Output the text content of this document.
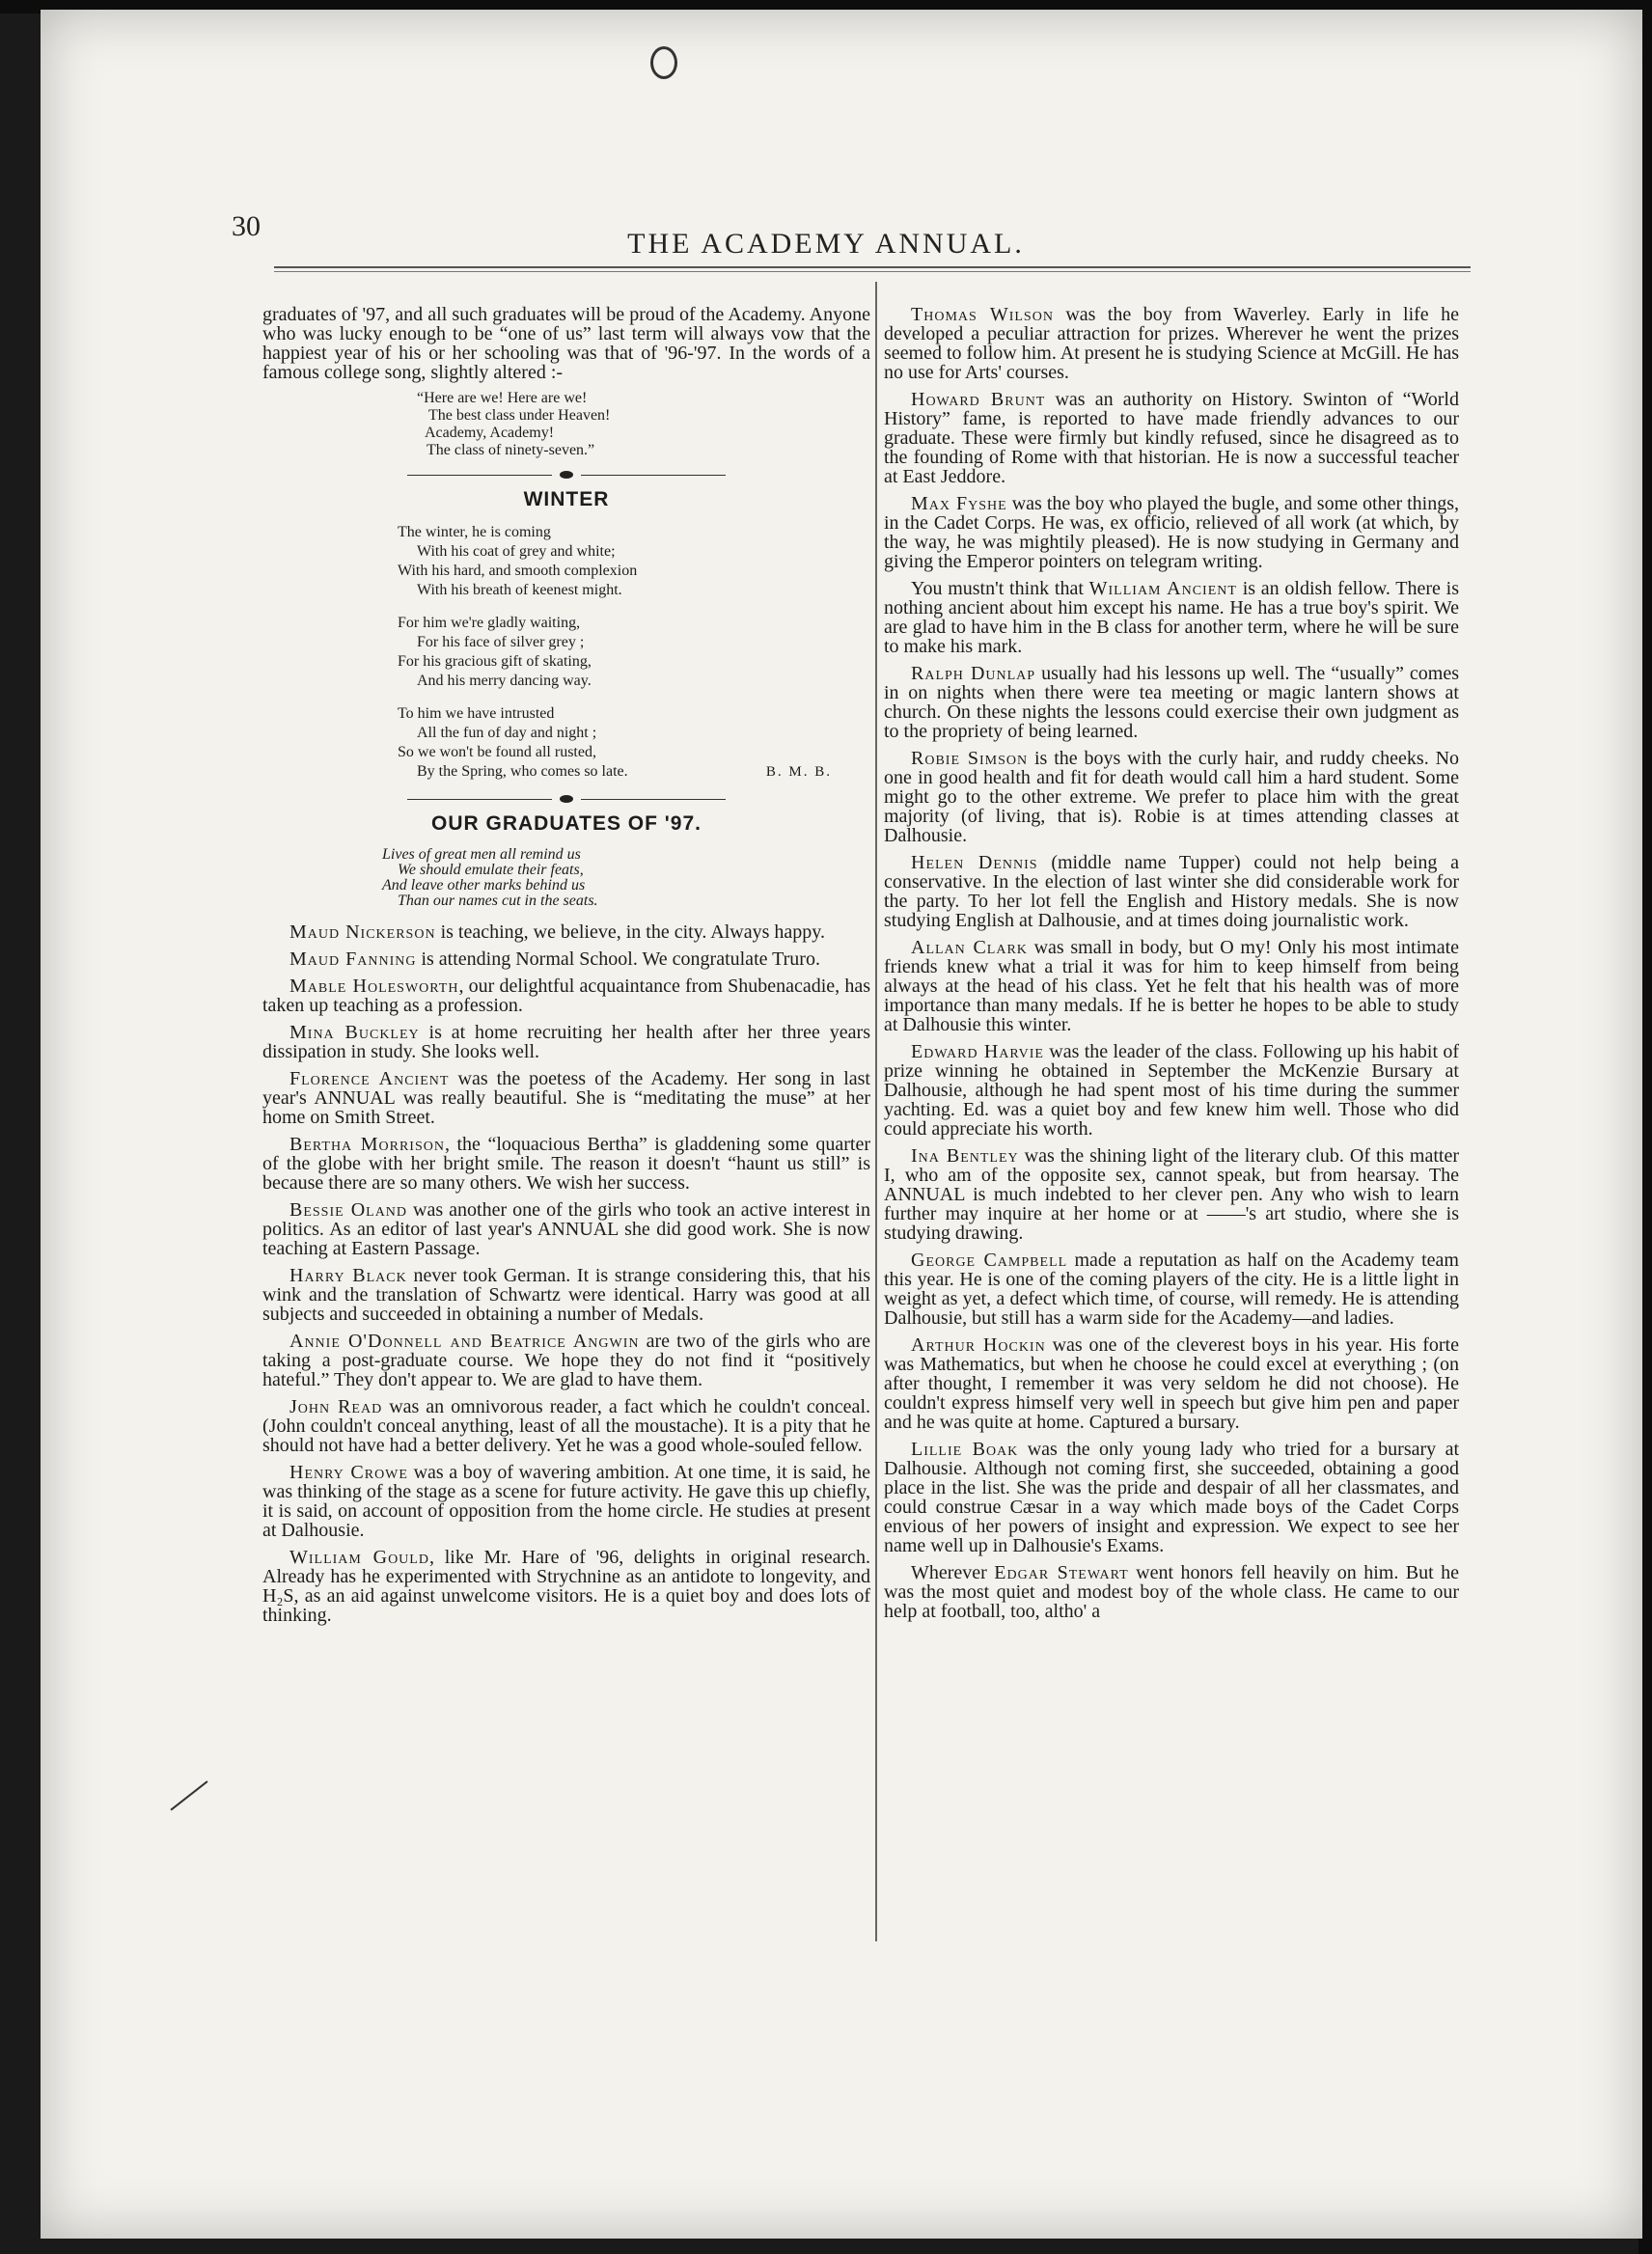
30
THE ACADEMY ANNUAL.

graduates of '97, and all such graduates will be proud of the Academy. Anyone who was lucky enough to be “one of us” last term will always vow that the happiest year of his or her schooling was that of '96-'97. In the words of a famous college song, slightly altered :-

“Here are we! Here are we!
The best class under Heaven!
Academy, Academy!
The class of ninety-seven.”
WINTER
The winter, he is coming
With his coat of grey and white;
With his hard, and smooth complexion
With his breath of keenest might.
For him we're gladly waiting,
For his face of silver grey ;
For his gracious gift of skating,
And his merry dancing way.
To him we have intrusted
All the fun of day and night ;
So we won't be found all rusted,
By the Spring, who comes so late.	B. M. B.
OUR GRADUATES OF '97.
Lives of great men all remind us
We should emulate their feats,
And leave other marks behind us
Than our names cut in the seats.

Maud Nickerson is teaching, we believe, in the city. Always happy.

Maud Fanning is attending Normal School. We congratulate Truro.

Mable Holesworth, our delightful acquaintance from Shubenacadie, has taken up teaching as a profession.

Mina Buckley is at home recruiting her health after her three years dissipation in study. She looks well.

Florence Ancient was the poetess of the Academy. Her song in last year's ANNUAL was really beautiful. She is “meditating the muse” at her home on Smith Street.

Bertha Morrison, the “loquacious Bertha” is gladdening some quarter of the globe with her bright smile. The reason it doesn't “haunt us still” is because there are so many others. We wish her success.

Bessie Oland was another one of the girls who took an active interest in politics. As an editor of last year's ANNUAL she did good work. She is now teaching at Eastern Passage.

Harry Black never took German. It is strange considering this, that his wink and the translation of Schwartz were identical. Harry was good at all subjects and succeeded in obtaining a number of Medals.

Annie O'Donnell and Beatrice Angwin are two of the girls who are taking a post-graduate course. We hope they do not find it “positively hateful.” They don't appear to. We are glad to have them.

John Read was an omnivorous reader, a fact which he couldn't conceal. (John couldn't conceal anything, least of all the moustache). It is a pity that he should not have had a better delivery. Yet he was a good whole-souled fellow.

Henry Crowe was a boy of wavering ambition. At one time, it is said, he was thinking of the stage as a scene for future activity. He gave this up chiefly, it is said, on account of opposition from the home circle. He studies at present at Dalhousie.

William Gould, like Mr. Hare of '96, delights in original research. Already has he experimented with Strychnine as an antidote to longevity, and H₂S, as an aid against unwelcome visitors. He is a quiet boy and does lots of thinking.

Thomas Wilson was the boy from Waverley. Early in life he developed a peculiar attraction for prizes. Wherever he went the prizes seemed to follow him. At present he is studying Science at McGill. He has no use for Arts' courses.

Howard Brunt was an authority on History. Swinton of “World History” fame, is reported to have made friendly advances to our graduate. These were firmly but kindly refused, since he disagreed as to the founding of Rome with that historian. He is now a successful teacher at East Jeddore.

Max Fyshe was the boy who played the bugle, and some other things, in the Cadet Corps. He was, ex officio, relieved of all work (at which, by the way, he was mightily pleased). He is now studying in Germany and giving the Emperor pointers on telegram writing.

You mustn't think that William Ancient is an oldish fellow. There is nothing ancient about him except his name. He has a true boy's spirit. We are glad to have him in the B class for another term, where he will be sure to make his mark.

Ralph Dunlap usually had his lessons up well. The “usually” comes in on nights when there were tea meeting or magic lantern shows at church. On these nights the lessons could exercise their own judgment as to the propriety of being learned.

Robie Simson is the boys with the curly hair, and ruddy cheeks. No one in good health and fit for death would call him a hard student. Some might go to the other extreme. We prefer to place him with the great majority (of living, that is). Robie is at times attending classes at Dalhousie.

Helen Dennis (middle name Tupper) could not help being a conservative. In the election of last winter she did considerable work for the party. To her lot fell the English and History medals. She is now studying English at Dalhousie, and at times doing journalistic work.

Allan Clark was small in body, but O my! Only his most intimate friends knew what a trial it was for him to keep himself from being always at the head of his class. Yet he felt that his health was of more importance than many medals. If he is better he hopes to be able to study at Dalhousie this winter.

Edward Harvie was the leader of the class. Following up his habit of prize winning he obtained in September the McKenzie Bursary at Dalhousie, although he had spent most of his time during the summer yachting. Ed. was a quiet boy and few knew him well. Those who did could appreciate his worth.

Ina Bentley was the shining light of the literary club. Of this matter I, who am of the opposite sex, cannot speak, but from hearsay. The ANNUAL is much indebted to her clever pen. Any who wish to learn further may inquire at her home or at ——'s art studio, where she is studying drawing.

George Campbell made a reputation as half on the Academy team this year. He is one of the coming players of the city. He is a little light in weight as yet, a defect which time, of course, will remedy. He is attending Dalhousie, but still has a warm side for the Academy—and ladies.

Arthur Hockin was one of the cleverest boys in his year. His forte was Mathematics, but when he choose he could excel at everything ; (on after thought, I remember it was very seldom he did not choose). He couldn't express himself very well in speech but give him pen and paper and he was quite at home. Captured a bursary.

Lillie Boak was the only young lady who tried for a bursary at Dalhousie. Although not coming first, she succeeded, obtaining a good place in the list. She was the pride and despair of all her classmates, and could construe Cæsar in a way which made boys of the Cadet Corps envious of her powers of insight and expression. We expect to see her name well up in Dalhousie's Exams.

Wherever Edgar Stewart went honors fell heavily on him. But he was the most quiet and modest boy of the whole class. He came to our help at football, too, altho' a
